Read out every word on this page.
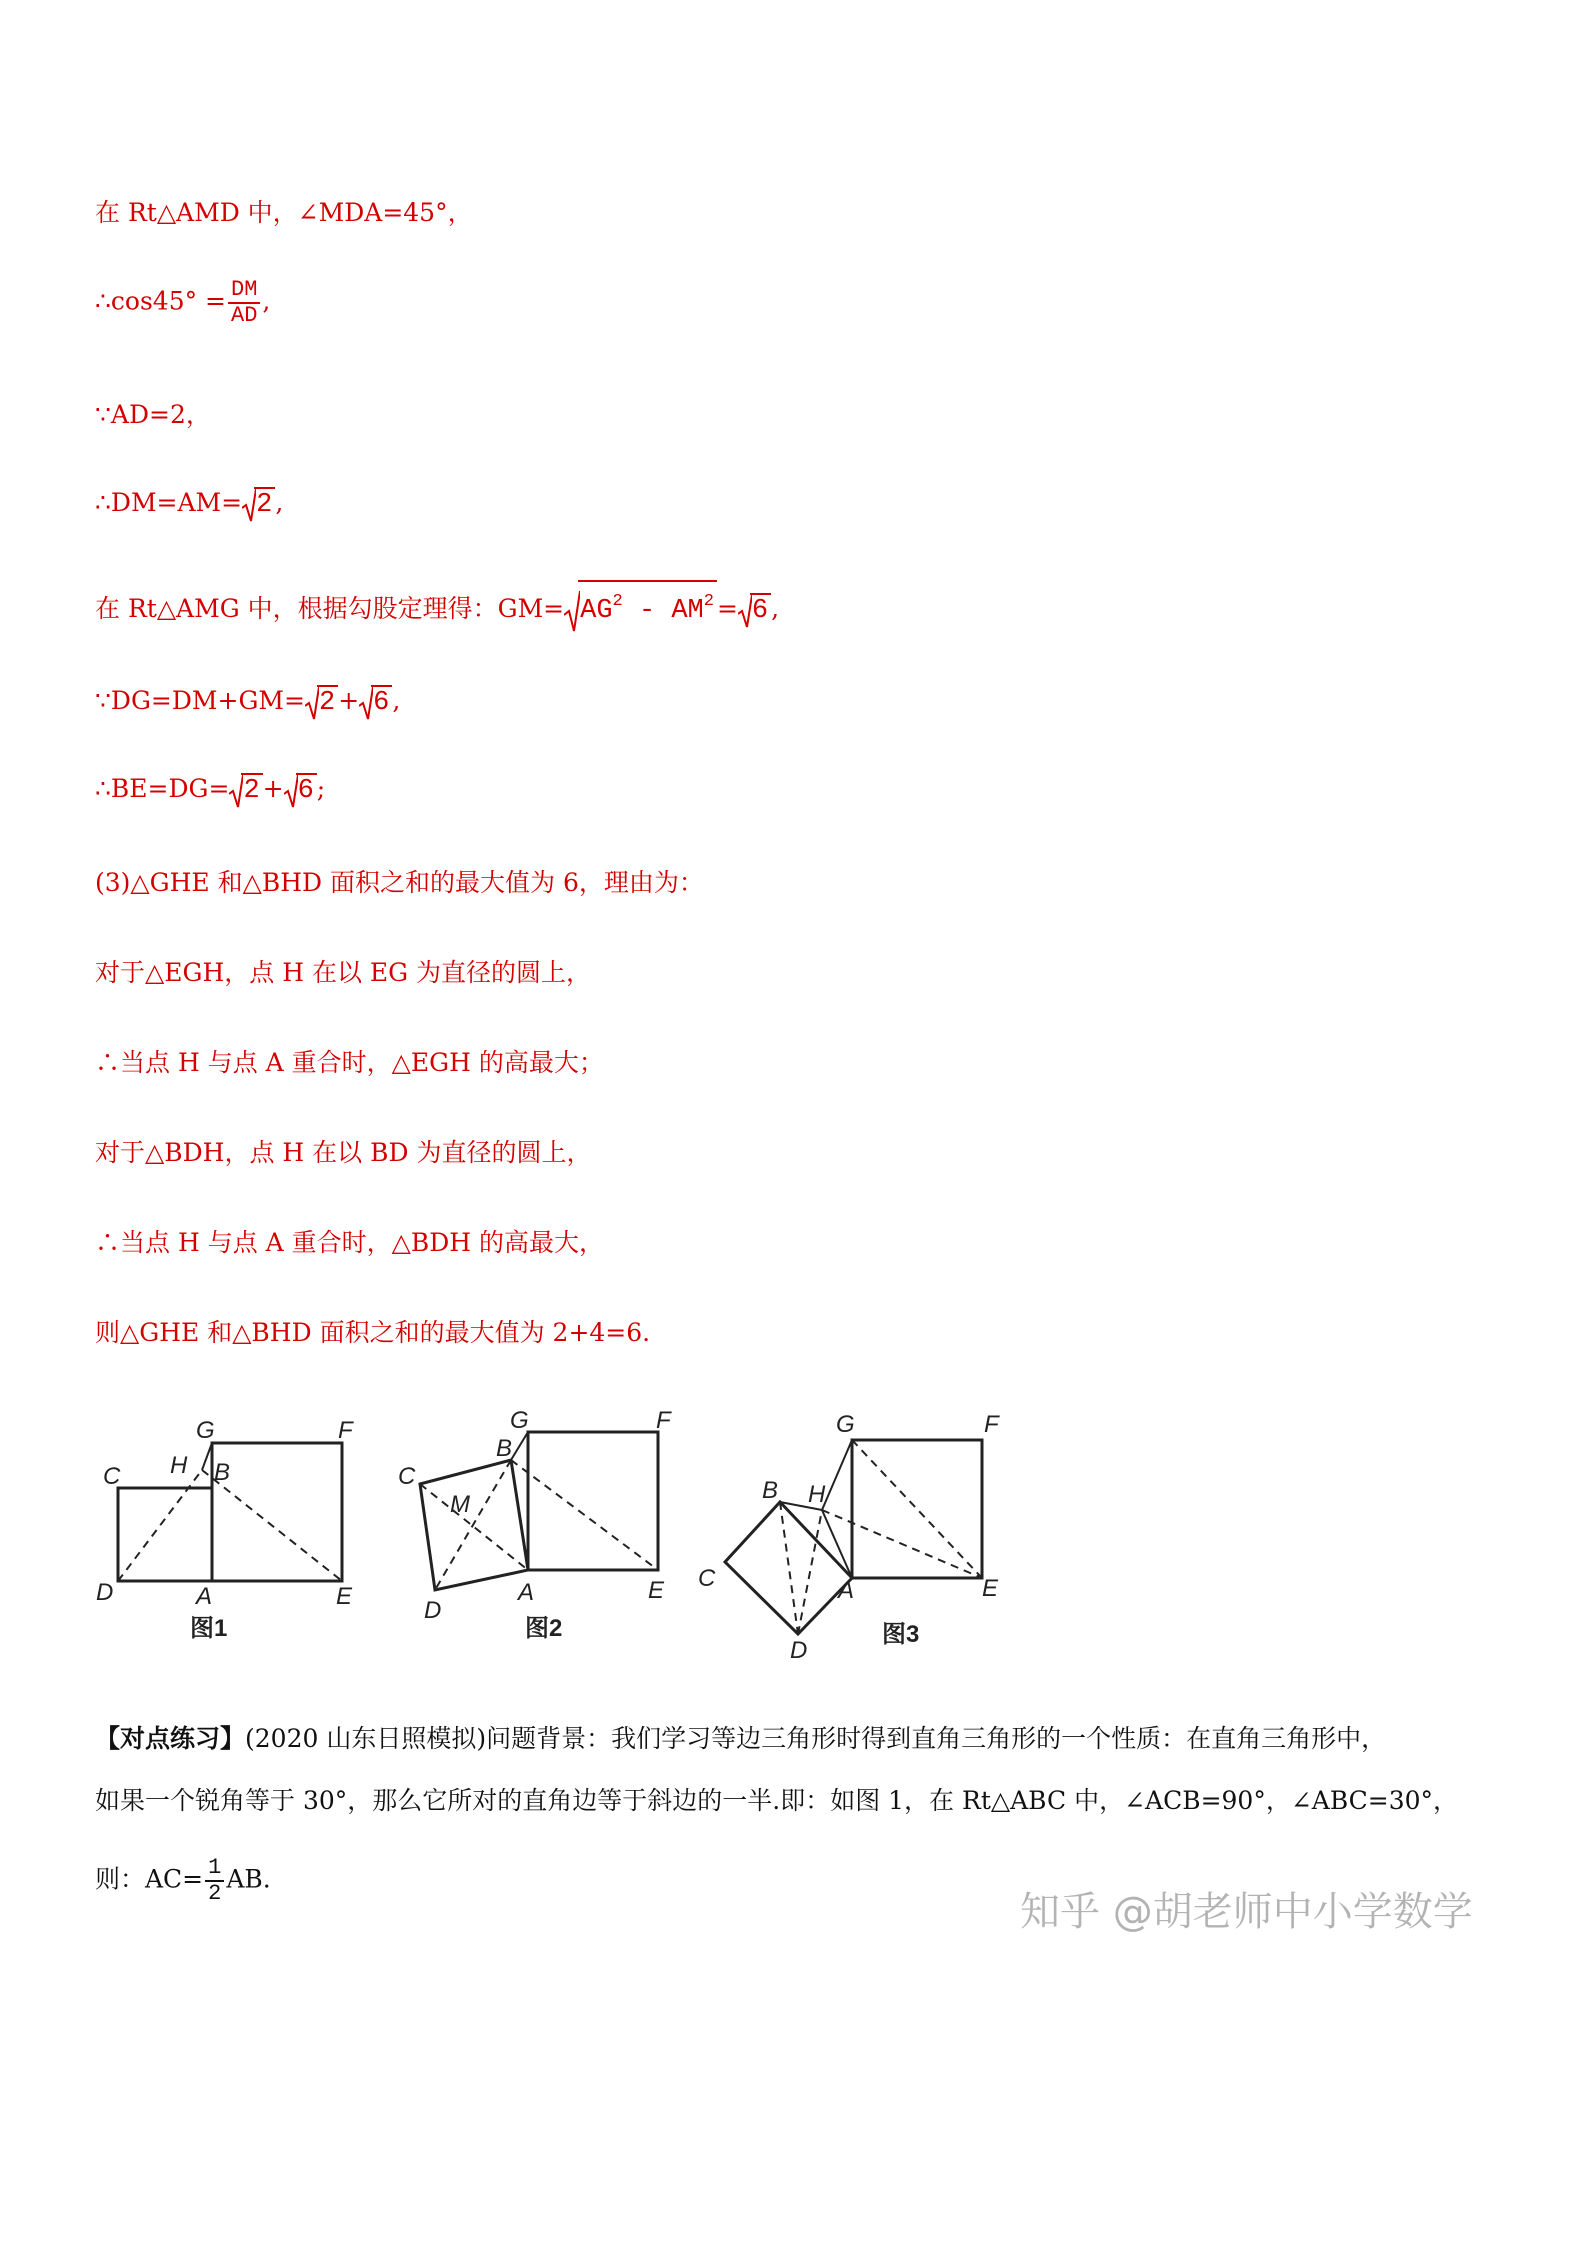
在 Rt△AMD 中，∠MDA=45°，
∴cos45° = $\frac{DM}{AD}$ ,
∵AD=2，
∴DM=AM= 2 ,
在 Rt△AMG 中，根据勾股定理得：$GM= AG^2 - AM^2 = 6$ ,
∵DG=DM+GM= 2 + 6 ,
∴BE=DG= 2 + 6 ;
(3)△GHE 和△BHD 面积之和的最大值为 6，理由为：
对于△EGH，点 H 在以 EG 为直径的圆上，
∴当点 H 与点 A 重合时，△EGH 的高最大；
对于△BDH，点 H 在以 BD 为直径的圆上，
∴当点 H 与点 A 重合时，△BDH 的高最大，
则△GHE 和△BHD 面积之和的最大值为 2+4=6.
C H
G
B
F
D	A	E
图1
G	F
B
C
M
D
A	E
图2
G	F
B H
C	A	E
D
图3
【对点练习】(2020 山东日照模拟)问题背景：我们学习等边三角形时得到直角三角形的一个性质：在直角三角形中，
如果一个锐角等于 30°，那么它所对的直角边等于斜边的一半.即：如图 1，在 Rt△ABC 中，∠ACB=90°，∠ABC=30°，
则：$AC= \frac{1}{2}$ AB.
知乎 @胡老师中小学数学
